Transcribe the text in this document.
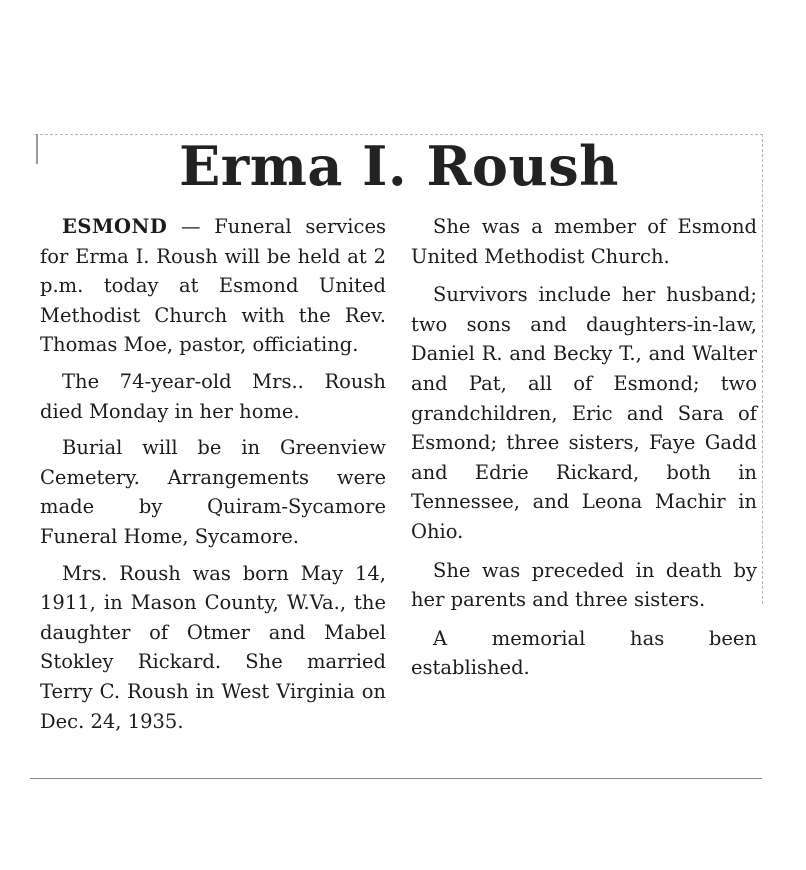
Erma I. Roush

ESMOND — Funeral services for Erma I. Roush will be held at 2 p.m. today at Esmond United Methodist Church with the Rev. Thomas Moe, pastor, officiating.

The 74-year-old Mrs.. Roush died Monday in her home.

Burial will be in Greenview Cemetery. Arrangements were made by Quiram-Sycamore Funeral Home, Sycamore.

Mrs. Roush was born May 14, 1911, in Mason County, W.Va., the daughter of Otmer and Mabel Stokley Rickard. She married Terry C. Roush in West Virginia on Dec. 24, 1935.

She was a member of Esmond United Methodist Church.

Survivors include her husband; two sons and daughters-in-law, Daniel R. and Becky T., and Walter and Pat, all of Esmond; two grandchildren, Eric and Sara of Esmond; three sisters, Faye Gadd and Edrie Rickard, both in Tennessee, and Leona Machir in Ohio.

She was preceded in death by her parents and three sisters.

A memorial has been established.
